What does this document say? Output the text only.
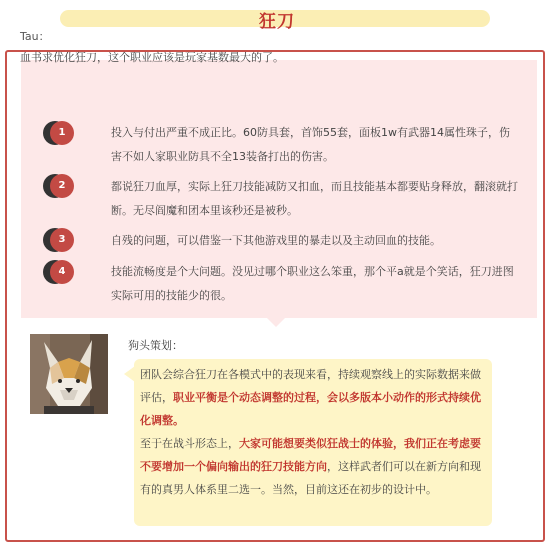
狂刀
Tau：
血书求优化狂刀，这个职业应该是玩家基数最大的了。
1	投入与付出严重不成正比。60防具套，首饰55套，面板1w有武器14属性珠子，伤害不如人家职业防具不全13装备打出的伤害。
2	都说狂刀血厚，实际上狂刀技能减防又扣血，而且技能基本都要贴身释放，翻滚就打断。无尽阎魔和团本里该秒还是被秒。
3	自残的问题，可以借鉴一下其他游戏里的暴走以及主动回血的技能。
4	技能流畅度是个大问题。没见过哪个职业这么笨重，那个平a就是个笑话，狂刀进图实际可用的技能少的很。
狗头策划：
团队会综合狂刀在各模式中的表现来看，持续观察线上的实际数据来做评估，职业平衡是个动态调整的过程，会以多版本小动作的形式持续优化调整。
至于在战斗形态上，大家可能想要类似狂战士的体验，我们正在考虑要不要增加一个偏向输出的狂刀技能方向，这样武者们可以在新方向和现有的真男人体系里二选一。当然，目前这还在初步的设计中。
